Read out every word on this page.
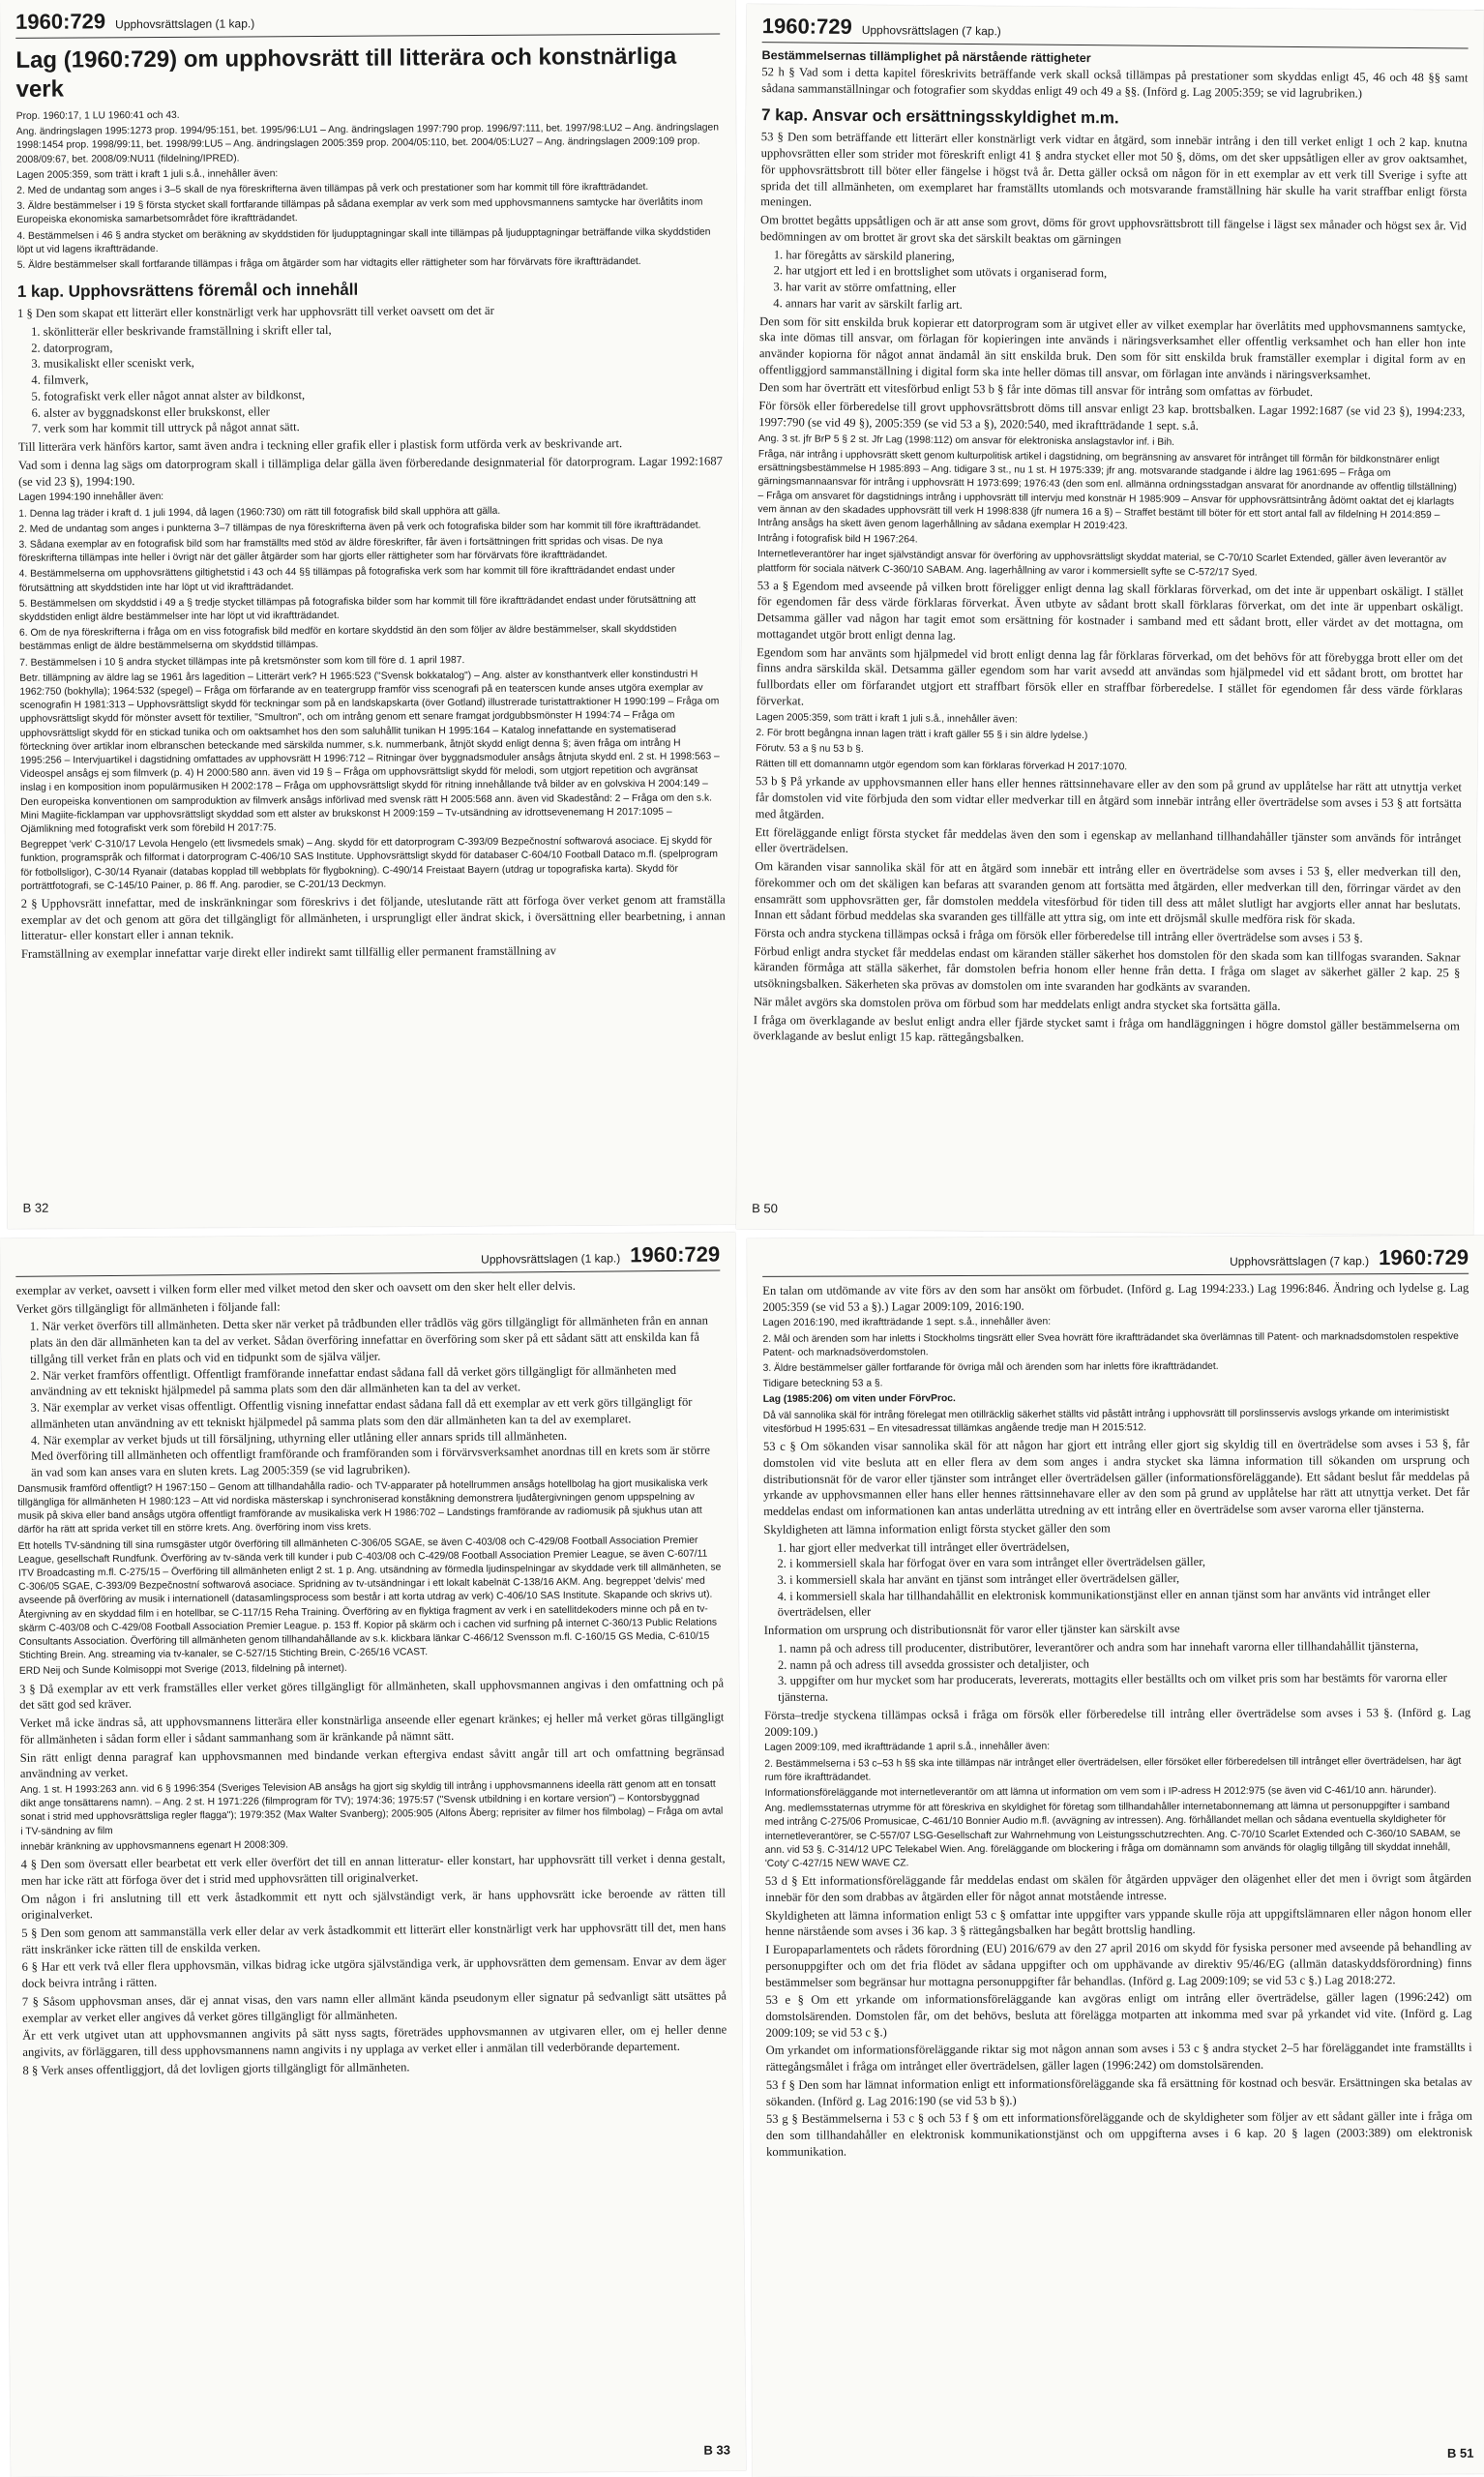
1960:729 Upphovsrättslagen (1 kap.)
Lag (1960:729) om upphovsrätt till litterära och konstnärliga verk

Prop. 1960:17, 1 LU 1960:41 och 43.

Ang. ändringslagen 1995:1273 prop. 1994/95:151, bet. 1995/96:LU1 – Ang. ändringslagen 1997:790 prop. 1996/97:111, bet. 1997/98:LU2 – Ang. ändringslagen 1998:1454 prop. 1998/99:11, bet. 1998/99:LU5 – Ang. ändringslagen 2005:359 prop. 2004/05:110, bet. 2004/05:LU27 – Ang. ändringslagen 2009:109 prop. 2008/09:67, bet. 2008/09:NU11 (fildelning/IPRED).

Lagen 2005:359, som trätt i kraft 1 juli s.å., innehåller även:

2. Med de undantag som anges i 3–5 skall de nya föreskrifterna även tillämpas på verk och prestationer som har kommit till före ikraftträdandet.

3. Äldre bestämmelser i 19 § första stycket skall fortfarande tillämpas på sådana exemplar av verk som med upphovsmannens samtycke har överlåtits inom Europeiska ekonomiska samarbetsområdet före ikraftträdandet.

4. Bestämmelsen i 46 § andra stycket om beräkning av skyddstiden för ljudupptagningar skall inte tillämpas på ljudupptagningar beträffande vilka skyddstiden löpt ut vid lagens ikraftträdande.

5. Äldre bestämmelser skall fortfarande tillämpas i fråga om åtgärder som har vidtagits eller rättigheter som har förvärvats före ikraftträdandet.

1 kap. Upphovsrättens föremål och innehåll

1 § Den som skapat ett litterärt eller konstnärligt verk har upphovsrätt till verket oavsett om det är

1. skönlitterär eller beskrivande framställning i skrift eller tal,
2. datorprogram,
3. musikaliskt eller sceniskt verk,
4. filmverk,
5. fotografiskt verk eller något annat alster av bildkonst,
6. alster av byggnadskonst eller brukskonst, eller
7. verk som har kommit till uttryck på något annat sätt.

Till litterära verk hänförs kartor, samt även andra i teckning eller grafik eller i plastisk form utförda verk av beskrivande art.

Vad som i denna lag sägs om datorprogram skall i tillämpliga delar gälla även förberedande designmaterial för datorprogram. Lagar 1992:1687 (se vid 23 §), 1994:190.

Lagen 1994:190 innehåller även:

1. Denna lag träder i kraft d. 1 juli 1994, då lagen (1960:730) om rätt till fotografisk bild skall upphöra att gälla.

2. Med de undantag som anges i punkterna 3–7 tillämpas de nya föreskrifterna även på verk och fotografiska bilder som har kommit till före ikraftträdandet.

3. Sådana exemplar av en fotografisk bild som har framställts med stöd av äldre föreskrifter, får även i fortsättningen fritt spridas och visas. De nya föreskrifterna tillämpas inte heller i övrigt när det gäller åtgärder som har gjorts eller rättigheter som har förvärvats före ikraftträdandet.

4. Bestämmelserna om upphovsrättens giltighetstid i 43 och 44 §§ tillämpas på fotografiska verk som har kommit till före ikraftträdandet endast under förutsättning att skyddstiden inte har löpt ut vid ikraftträdandet.

5. Bestämmelsen om skyddstid i 49 a § tredje stycket tillämpas på fotografiska bilder som har kommit till före ikraftträdandet endast under förutsättning att skyddstiden enligt äldre bestämmelser inte har löpt ut vid ikraftträdandet.

6. Om de nya föreskrifterna i fråga om en viss fotografisk bild medför en kortare skyddstid än den som följer av äldre bestämmelser, skall skyddstiden bestämmas enligt de äldre bestämmelserna om skyddstid tillämpas.

7. Bestämmelsen i 10 § andra stycket tillämpas inte på kretsmönster som kom till före d. 1 april 1987.

Betr. tillämpning av äldre lag se 1961 års lagedition – Litterärt verk? H 1965:523 ("Svensk bokkatalog") – Ang. alster av konsthantverk eller konstindustri H 1962:750 (bokhylla); 1964:532 (spegel) – Fråga om förfarande av en teatergrupp framför viss scenografi på en teaterscen kunde anses utgöra exemplar av scenografin H 1981:313 – Upphovsrättsligt skydd för teckningar som på en landskapskarta (över Gotland) illustrerade turistattraktioner H 1990:199 – Fråga om upphovsrättsligt skydd för mönster avsett för textilier, "Smultron", och om intrång genom ett senare framgat jordgubbsmönster H 1994:74 – Fråga om upphovsrättsligt skydd för en stickad tunika och om oaktsamhet hos den som saluhållit tunikan H 1995:164 – Katalog innefattande en systematiserad förteckning över artiklar inom elbranschen beteckande med särskilda nummer, s.k. nummerbank, åtnjöt skydd enligt denna §; även fråga om intrång H 1995:256 – Intervjuartikel i dagstidning omfattades av upphovsrätt H 1996:712 – Ritningar över byggnadsmoduler ansågs åtnjuta skydd enl. 2 st. H 1998:563 – Videospel ansågs ej som filmverk (p. 4) H 2000:580 ann. även vid 19 § – Fråga om upphovsrättsligt skydd för melodi, som utgjort repetition och avgränsat inslag i en komposition inom populärmusiken H 2002:178 – Fråga om upphovsrättsligt skydd för ritning innehållande två bilder av en golvskiva H 2004:149 – Den europeiska konventionen om samproduktion av filmverk ansågs införlivad med svensk rätt H 2005:568 ann. även vid Skadestånd: 2 – Fråga om den s.k. Mini Magiite-ficklampan var upphovsrättsligt skyddad som ett alster av brukskonst H 2009:159 – Tv-utsändning av idrottsevenemang H 2017:1095 – Ojämlikning med fotografiskt verk som förebild H 2017:75.

Begreppet 'verk' C-310/17 Levola Hengelo (ett livsmedels smak) – Ang. skydd för ett datorprogram C-393/09 Bezpečnostní softwarová asociace. Ej skydd för funktion, programspråk och filformat i datorprogram C-406/10 SAS Institute. Upphovsrättsligt skydd för databaser C-604/10 Football Dataco m.fl. (spelprogram för fotbollsligor), C-30/14 Ryanair (databas kopplad till webbplats för flygbokning). C-490/14 Freistaat Bayern (utdrag ur topografiska karta). Skydd för porträttfotografi, se C-145/10 Painer, p. 86 ff. Ang. parodier, se C-201/13 Deckmyn.

2 § Upphovsrätt innefattar, med de inskränkningar som föreskrivs i det följande, uteslutande rätt att förfoga över verket genom att framställa exemplar av det och genom att göra det tillgängligt för allmänheten, i ursprungligt eller ändrat skick, i översättning eller bearbetning, i annan litteratur- eller konstart eller i annan teknik.

Framställning av exemplar innefattar varje direkt eller indirekt samt tillfällig eller permanent framställning av

B 32
1960:729 Upphovsrättslagen (7 kap.)
Bestämmelsernas tillämplighet på närstående rättigheter

52 h § Vad som i detta kapitel föreskrivits beträffande verk skall också tillämpas på prestationer som skyddas enligt 45, 46 och 48 §§ samt sådana sammanställningar och fotografier som skyddas enligt 49 och 49 a §§. (Införd g. Lag 2005:359; se vid lagrubriken.)

7 kap. Ansvar och ersättningsskyldighet m.m.

53 § Den som beträffande ett litterärt eller konstnärligt verk vidtar en åtgärd, som innebär intrång i den till verket enligt 1 och 2 kap. knutna upphovsrätten eller som strider mot föreskrift enligt 41 § andra stycket eller mot 50 §, döms, om det sker uppsåtligen eller av grov oaktsamhet, för upphovsrättsbrott till böter eller fängelse i högst två år. Detta gäller också om någon för in ett exemplar av ett verk till Sverige i syfte att sprida det till allmänheten, om exemplaret har framställts utomlands och motsvarande framställning här skulle ha varit straffbar enligt första meningen.

Om brottet begåtts uppsåtligen och är att anse som grovt, döms för grovt upphovsrättsbrott till fängelse i lägst sex månader och högst sex år. Vid bedömningen av om brottet är grovt ska det särskilt beaktas om gärningen

1. har föregåtts av särskild planering,
2. har utgjort ett led i en brottslighet som utövats i organiserad form,
3. har varit av större omfattning, eller
4. annars har varit av särskilt farlig art.

Den som för sitt enskilda bruk kopierar ett datorprogram som är utgivet eller av vilket exemplar har överlåtits med upphovsmannens samtycke, ska inte dömas till ansvar, om förlagan för kopieringen inte används i näringsverksamhet eller offentlig verksamhet och han eller hon inte använder kopiorna för något annat ändamål än sitt enskilda bruk. Den som för sitt enskilda bruk framställer exemplar i digital form av en offentliggjord sammanställning i digital form ska inte heller dömas till ansvar, om förlagan inte används i näringsverksamhet.

Den som har överträtt ett vitesförbud enligt 53 b § får inte dömas till ansvar för intrång som omfattas av förbudet.

För försök eller förberedelse till grovt upphovsrättsbrott döms till ansvar enligt 23 kap. brottsbalken. Lagar 1992:1687 (se vid 23 §), 1994:233, 1997:790 (se vid 49 §), 2005:359 (se vid 53 a §), 2020:540, med ikraftträdande 1 sept. s.å.

Ang. 3 st. jfr BrP 5 § 2 st. Jfr Lag (1998:112) om ansvar för elektroniska anslagstavlor inf. i Bih.

Fråga, när intrång i upphovsrätt skett genom kulturpolitisk artikel i dagstidning, om begränsning av ansvaret för intrånget till förmån för bildkonstnärer enligt ersättningsbestämmelse H 1985:893 – Ang. tidigare 3 st., nu 1 st. H 1975:339; jfr ang. motsvarande stadgande i äldre lag 1961:695 – Fråga om gärningsmannaansvar för intrång i upphovsrätt H 1973:699; 1976:43 (den som enl. allmänna ordningsstadgan ansvarat för anordnande av offentlig tillställning) – Fråga om ansvaret för dagstidnings intrång i upphovsrätt till intervju med konstnär H 1985:909 – Ansvar för upphovsrättsintrång ådömt oaktat det ej klarlagts vem ännan av den skadades upphovsrätt till verk H 1998:838 (jfr numera 16 a §) – Straffet bestämt till böter för ett stort antal fall av fildelning H 2014:859 – Intrång ansågs ha skett även genom lagerhållning av sådana exemplar H 2019:423.

Intrång i fotografisk bild H 1967:264.

Internetleverantörer har inget självständigt ansvar för överföring av upphovsrättsligt skyddat material, se C-70/10 Scarlet Extended, gäller även leverantör av plattform för sociala nätverk C-360/10 SABAM. Ang. lagerhållning av varor i kommersiellt syfte se C-572/17 Syed.

53 a § Egendom med avseende på vilken brott föreligger enligt denna lag skall förklaras förverkad, om det inte är uppenbart oskäligt. I stället för egendomen får dess värde förklaras förverkat. Även utbyte av sådant brott skall förklaras förverkat, om det inte är uppenbart oskäligt. Detsamma gäller vad någon har tagit emot som ersättning för kostnader i samband med ett sådant brott, eller värdet av det mottagna, om mottagandet utgör brott enligt denna lag.

Egendom som har använts som hjälpmedel vid brott enligt denna lag får förklaras förverkad, om det behövs för att förebygga brott eller om det finns andra särskilda skäl. Detsamma gäller egendom som har varit avsedd att användas som hjälpmedel vid ett sådant brott, om brottet har fullbordats eller om förfarandet utgjort ett straffbart försök eller en straffbar förberedelse. I stället för egendomen får dess värde förklaras förverkat.

Lagen 2005:359, som trätt i kraft 1 juli s.å., innehåller även:

2. För brott begångna innan lagen trätt i kraft gäller 55 § i sin äldre lydelse.)

Förutv. 53 a § nu 53 b §.

Rätten till ett domannamn utgör egendom som kan förklaras förverkad H 2017:1070.

53 b § På yrkande av upphovsmannen eller hans eller hennes rättsinnehavare eller av den som på grund av upplåtelse har rätt att utnyttja verket får domstolen vid vite förbjuda den som vidtar eller medverkar till en åtgärd som innebär intrång eller överträdelse som avses i 53 § att fortsätta med åtgärden.

Ett föreläggande enligt första stycket får meddelas även den som i egenskap av mellanhand tillhandahåller tjänster som används för intrånget eller överträdelsen.

Om käranden visar sannolika skäl för att en åtgärd som innebär ett intrång eller en överträdelse som avses i 53 §, eller medverkan till den, förekommer och om det skäligen kan befaras att svaranden genom att fortsätta med åtgärden, eller medverkan till den, förringar värdet av den ensamrätt som upphovsrätten ger, får domstolen meddela vitesförbud för tiden till dess att målet slutligt har avgjorts eller annat har beslutats. Innan ett sådant förbud meddelas ska svaranden ges tillfälle att yttra sig, om inte ett dröjsmål skulle medföra risk för skada.

Första och andra styckena tillämpas också i fråga om försök eller förberedelse till intrång eller överträdelse som avses i 53 §.

Förbud enligt andra stycket får meddelas endast om käranden ställer säkerhet hos domstolen för den skada som kan tillfogas svaranden. Saknar käranden förmåga att ställa säkerhet, får domstolen befria honom eller henne från detta. I fråga om slaget av säkerhet gäller 2 kap. 25 § utsökningsbalken. Säkerheten ska prövas av domstolen om inte svaranden har godkänts av svaranden.

När målet avgörs ska domstolen pröva om förbud som har meddelats enligt andra stycket ska fortsätta gälla.

I fråga om överklagande av beslut enligt andra eller fjärde stycket samt i fråga om handläggningen i högre domstol gäller bestämmelserna om överklagande av beslut enligt 15 kap. rättegångsbalken.

B 50
Upphovsrättslagen (1 kap.) 1960:729

exemplar av verket, oavsett i vilken form eller med vilket metod den sker och oavsett om den sker helt eller delvis.

Verket görs tillgängligt för allmänheten i följande fall:

1. När verket överförs till allmänheten. Detta sker när verket på trådbunden eller trådlös väg görs tillgängligt för allmänheten från en annan plats än den där allmänheten kan ta del av verket. Sådan överföring innefattar en överföring som sker på ett sådant sätt att enskilda kan få tillgång till verket från en plats och vid en tidpunkt som de själva väljer.
2. När verket framförs offentligt. Offentligt framförande innefattar endast sådana fall då verket görs tillgängligt för allmänheten med användning av ett tekniskt hjälpmedel på samma plats som den där allmänheten kan ta del av verket.
3. När exemplar av verket visas offentligt. Offentlig visning innefattar endast sådana fall då ett exemplar av ett verk görs tillgängligt för allmänheten utan användning av ett tekniskt hjälpmedel på samma plats som den där allmänheten kan ta del av exemplaret.
4. När exemplar av verket bjuds ut till försäljning, uthyrning eller utlåning eller annars sprids till allmänheten.
Med överföring till allmänheten och offentligt framförande och framföranden som i förvärvsverksamhet anordnas till en krets som är större än vad som kan anses vara en sluten krets. Lag 2005:359 (se vid lagrubriken).

Dansmusik framförd offentligt? H 1967:150 – Genom att tillhandahålla radio- och TV-apparater på hotellrummen ansågs hotellbolag ha gjort musikaliska verk tillgängliga för allmänheten H 1980:123 – Att vid nordiska mästerskap i synchroniserad konståkning demonstrera ljudåtergivningen genom uppspelning av musik på skiva eller band ansågs utgöra offentligt framförande av musikaliska verk H 1986:702 – Landstings framförande av radiomusik på sjukhus utan att därför ha rätt att sprida verket till en större krets. Ang. överföring inom viss krets.

Ett hotells TV-sändning till sina rumsgäster utgör överföring till allmänheten C-306/05 SGAE, se även C-403/08 och C-429/08 Football Association Premier League, gesellschaft Rundfunk. Överföring av tv-sända verk till kunder i pub C-403/08 och C-429/08 Football Association Premier League, se även C-607/11 ITV Broadcasting m.fl. C-275/15 – Överföring till allmänheten enligt 2 st. 1 p. Ang. utsändning av förmedla ljudinspelningar av skyddade verk till allmänheten, se C-306/05 SGAE, C-393/09 Bezpečnostní softwarová asociace. Spridning av tv-utsändningar i ett lokalt kabelnät C-138/16 AKM. Ang. begreppet 'delvis' med avseende på överföring av musik i internationell (datasamlingsprocess som består i att korta utdrag av verk) C-406/10 SAS Institute. Skapande och skrivs ut). Återgivning av en skyddad film i en hotellbar, se C-117/15 Reha Training. Överföring av en flyktiga fragment av verk i en satellitdekoders minne och på en tv-skärm C-403/08 och C-429/08 Football Association Premier League. p. 153 ff. Kopior på skärm och i cachen vid surfning på internet C-360/13 Public Relations Consultants Association. Överföring till allmänheten genom tillhandahållande av s.k. klickbara länkar C-466/12 Svensson m.fl. C-160/15 GS Media, C-610/15 Stichting Brein. Ang. streaming via tv-kanaler, se C-527/15 Stichting Brein, C-265/16 VCAST.

ERD Neij och Sunde Kolmisoppi mot Sverige (2013, fildelning på internet).

3 § Då exemplar av ett verk framställes eller verket göres tillgängligt för allmänheten, skall upphovsmannen angivas i den omfattning och på det sätt god sed kräver.

Verket må icke ändras så, att upphovsmannens litterära eller konstnärliga anseende eller egenart kränkes; ej heller må verket göras tillgängligt för allmänheten i sådan form eller i sådant sammanhang som är kränkande på nämnt sätt.

Sin rätt enligt denna paragraf kan upphovsmannen med bindande verkan eftergiva endast såvitt angår till art och omfattning begränsad användning av verket.

Ang. 1 st. H 1993:263 ann. vid 6 § 1996:354 (Sveriges Television AB ansågs ha gjort sig skyldig till intrång i upphovsmannens ideella rätt genom att en tonsatt dikt ange tonsättarens namn). – Ang. 2 st. H 1971:226 (filmprogram för TV); 1974:36; 1975:57 ("Svensk utbildning i en kortare version") – Kontorsbyggnad sonat i strid med upphovsrättsliga regler flagga"); 1979:352 (Max Walter Svanberg); 2005:905 (Alfons Åberg; reprisiter av filmer hos filmbolag) – Fråga om avtal i TV-sändning av film

innebär kränkning av upphovsmannens egenart H 2008:309.

4 § Den som översatt eller bearbetat ett verk eller överfört det till en annan litteratur- eller konstart, har upphovsrätt till verket i denna gestalt, men har icke rätt att förfoga över det i strid med upphovsrätten till originalverket.

Om någon i fri anslutning till ett verk åstadkommit ett nytt och självständigt verk, är hans upphovsrätt icke beroende av rätten till originalverket.

5 § Den som genom att sammanställa verk eller delar av verk åstadkommit ett litterärt eller konstnärligt verk har upphovsrätt till det, men hans rätt inskränker icke rätten till de enskilda verken.

6 § Har ett verk två eller flera upphovsmän, vilkas bidrag icke utgöra självständiga verk, är upphovsrätten dem gemensam. Envar av dem äger dock beivra intrång i rätten.

7 § Såsom upphovsman anses, där ej annat visas, den vars namn eller allmänt kända pseudonym eller signatur på sedvanligt sätt utsättes på exemplar av verket eller angives då verket göres tillgängligt för allmänheten.

Är ett verk utgivet utan att upphovsmannen angivits på sätt nyss sagts, företrädes upphovsmannen av utgivaren eller, om ej heller denne angivits, av förläggaren, till dess upphovsmannens namn angivits i ny upplaga av verket eller i anmälan till vederbörande departement.

8 § Verk anses offentliggjort, då det lovligen gjorts tillgängligt för allmänheten.

B 33
Upphovsrättslagen (7 kap.) 1960:729

En talan om utdömande av vite förs av den som har ansökt om förbudet. (Införd g. Lag 1994:233.) Lag 1996:846. Ändring och lydelse g. Lag 2005:359 (se vid 53 a §).) Lagar 2009:109, 2016:190.

Lagen 2016:190, med ikraftträdande 1 sept. s.å., innehåller även:

2. Mål och ärenden som har inletts i Stockholms tingsrätt eller Svea hovrätt före ikraftträdandet ska överlämnas till Patent- och marknadsdomstolen respektive Patent- och marknadsöverdomstolen.

3. Äldre bestämmelser gäller fortfarande för övriga mål och ärenden som har inletts före ikraftträdandet.

Tidigare beteckning 53 a §.

Lag (1985:206) om viten under FörvProc.

Då väl sannolika skäl för intrång förelegat men otillräcklig säkerhet ställts vid påstått intrång i upphovsrätt till porslinsservis avslogs yrkande om interimistiskt vitesförbud H 1995:631 – En vitesadressat tillämkas angående tredje man H 2015:512.

53 c § Om sökanden visar sannolika skäl för att någon har gjort ett intrång eller gjort sig skyldig till en överträdelse som avses i 53 §, får domstolen vid vite besluta att en eller flera av dem som anges i andra stycket ska lämna information till sökanden om ursprung och distributionsnät för de varor eller tjänster som intrånget eller överträdelsen gäller (informationsföreläggande). Ett sådant beslut får meddelas på yrkande av upphovsmannen eller hans eller hennes rättsinnehavare eller av den som på grund av upplåtelse har rätt att utnyttja verket. Det får meddelas endast om informationen kan antas underlätta utredning av ett intrång eller en överträdelse som avser varorna eller tjänsterna.

Skyldigheten att lämna information enligt första stycket gäller den som

1. har gjort eller medverkat till intrånget eller överträdelsen,
2. i kommersiell skala har förfogat över en vara som intrånget eller överträdelsen gäller,
3. i kommersiell skala har använt en tjänst som intrånget eller överträdelsen gäller,
4. i kommersiell skala har tillhandahållit en elektronisk kommunikationstjänst eller en annan tjänst som har använts vid intrånget eller överträdelsen, eller

Information om ursprung och distributionsnät för varor eller tjänster kan särskilt avse

1. namn på och adress till producenter, distributörer, leverantörer och andra som har innehaft varorna eller tillhandahållit tjänsterna,
2. namn på och adress till avsedda grossister och detaljister, och
3. uppgifter om hur mycket som har producerats, levererats, mottagits eller beställts och om vilket pris som har bestämts för varorna eller tjänsterna.

Första–tredje styckena tillämpas också i fråga om försök eller förberedelse till intrång eller överträdelse som avses i 53 §. (Införd g. Lag 2009:109.)

Lagen 2009:109, med ikraftträdande 1 april s.å., innehåller även:

2. Bestämmelserna i 53 c–53 h §§ ska inte tillämpas när intrånget eller överträdelsen, eller försöket eller förberedelsen till intrånget eller överträdelsen, har ägt rum före ikraftträdandet.

Informationsföreläggande mot internetleverantör om att lämna ut information om vem som i IP-adress H 2012:975 (se även vid C-461/10 ann. härunder).

Ang. medlemsstaternas utrymme för att föreskriva en skyldighet för företag som tillhandahåller internetabonnemang att lämna ut personuppgifter i samband med intrång C-275/06 Promusicae, C-461/10 Bonnier Audio m.fl. (avvägning av intressen). Ang. förhållandet mellan och sådana eventuella skyldigheter för internetleverantörer, se C-557/07 LSG-Gesellschaft zur Wahrnehmung von Leistungsschutzrechten. Ang. C-70/10 Scarlet Extended och C-360/10 SABAM, se ann. vid 53 §. C-314/12 UPC Telekabel Wien. Ang. föreläggande om blockering i fråga om domännamn som används för olaglig tillgång till skyddat innehåll, 'Coty' C-427/15 NEW WAVE CZ.

53 d § Ett informationsföreläggande får meddelas endast om skälen för åtgärden uppväger den olägenhet eller det men i övrigt som åtgärden innebär för den som drabbas av åtgärden eller för något annat motstående intresse.

Skyldigheten att lämna information enligt 53 c § omfattar inte uppgifter vars yppande skulle röja att uppgiftslämnaren eller någon honom eller henne närstående som avses i 36 kap. 3 § rättegångsbalken har begått brottslig handling.

I Europaparlamentets och rådets förordning (EU) 2016/679 av den 27 april 2016 om skydd för fysiska personer med avseende på behandling av personuppgifter och om det fria flödet av sådana uppgifter och om upphävande av direktiv 95/46/EG (allmän dataskyddsförordning) finns bestämmelser som begränsar hur mottagna personuppgifter får behandlas. (Införd g. Lag 2009:109; se vid 53 c §.) Lag 2018:272.

53 e § Om ett yrkande om informationsföreläggande kan avgöras enligt om intrång eller överträdelse, gäller lagen (1996:242) om domstolsärenden. Domstolen får, om det behövs, besluta att förelägga motparten att inkomma med svar på yrkandet vid vite. (Införd g. Lag 2009:109; se vid 53 c §.)

Om yrkandet om informationsföreläggande riktar sig mot någon annan som avses i 53 c § andra stycket 2–5 har föreläggandet inte framställts i rättegångsmålet i fråga om intrånget eller överträdelsen, gäller lagen (1996:242) om domstolsärenden.

53 f § Den som har lämnat information enligt ett informationsföreläggande ska få ersättning för kostnad och besvär. Ersättningen ska betalas av sökanden. (Införd g. Lag 2016:190 (se vid 53 b §).)

53 g § Bestämmelserna i 53 c § och 53 f § om ett informationsföreläggande och de skyldigheter som följer av ett sådant gäller inte i fråga om den som tillhandahåller en elektronisk kommunikationstjänst och om uppgifterna avses i 6 kap. 20 § lagen (2003:389) om elektronisk kommunikation.

B 51
